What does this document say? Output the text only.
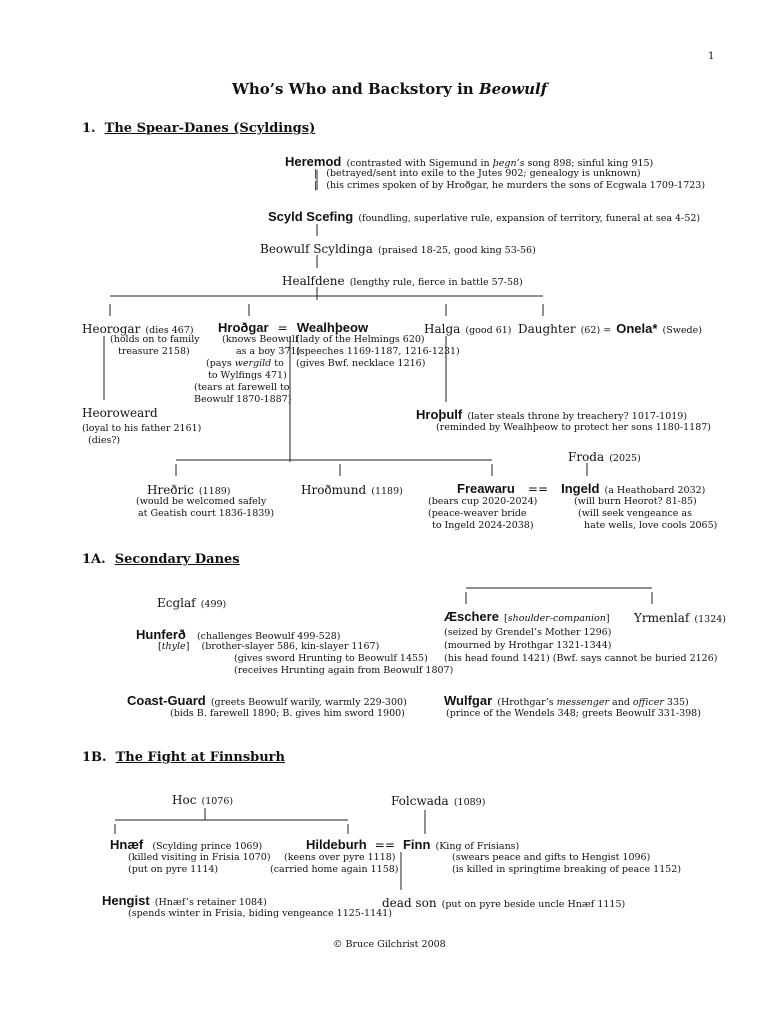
1
Who’s Who and Backstory in Beowulf
1. The Spear-Danes (Scyldings)
Heremod (contrasted with Sigemund in þegn’s song 898; sinful king 915)
|   (betrayed/sent into exile to the Jutes 902; genealogy is unknown)
|   (his crimes spoken of by Hroðgar, he murders the sons of Ecgwala 1709-1723)
Scyld Scefing (foundling, superlative rule, expansion of territory, funeral at sea 4-52)
Beowulf Scyldinga (praised 18-25, good king 53-56)
Healfdene (lengthy rule, fierce in battle 57-58)
Heorogar (dies 467)
(holds on to family
treasure 2158)
Hroðgar = Wealhþeow
(knows Beowulf
as a boy 371)
(pays wergild to
to Wylfings 471)
(tears at farewell to
Beowulf 1870-1887)
(lady of the Helmings 620)
(speeches 1169-1187, 1216-1231)
(gives Bwf. necklace 1216)
Halga (good 61) Daughter (62) = Onela* (Swede)
Heoroweard
(loyal to his father 2161)
(dies?)
Hroþulf (later steals throne by treachery? 1017-1019)
(reminded by Wealhþeow to protect her sons 1180-1187)
Froda (2025)
Hreðric (1189)
(would be welcomed safely
at Geatish court 1836-1839)
Hroðmund (1189)	Freawaru == Ingeld (a Heathobard 2032)
(bears cup 2020-2024)
(peace-weaver bride
to Ingeld 2024-2038)
(will burn Heorot? 81-85)
(will seek vengeance as
hate wells, love cools 2065)
1A. Secondary Danes
Ecglaf (499)
Hunferð (challenges Beowulf 499-528)
[thyle]    (brother-slayer 586, kin-slayer 1167)
(gives sword Hrunting to Beowulf 1455)
(receives Hrunting again from Beowulf 1807)
Coast-Guard (greets Beowulf warily, warmly 229-300)
(bids B. farewell 1890; B. gives him sword 1900)
Æschere [shoulder-companion] Yrmenlaf (1324)
(seized by Grendel’s Mother 1296)
(mourned by Hrothgar 1321-1344)
(his head found 1421) (Bwf. says cannot be buried 2126)
Wulfgar (Hrothgar’s messenger and officer 335)
(prince of the Wendels 348; greets Beowulf 331-398)
1B. The Fight at Finnsburh
Hoc (1076)	Folcwada (1089)
Hnæf (Scylding prince 1069)
(killed visiting in Frisia 1070)
(put on pyre 1114)
Hildeburh == Finn (King of Frisians)
(keens over pyre 1118)
(carried home again 1158)
(swears peace and gifts to Hengist 1096)
(is killed in springtime breaking of peace 1152)
Hengist (Hnæf’s retainer 1084)
(spends winter in Frisia, biding vengeance 1125-1141)
dead son (put on pyre beside uncle Hnæf 1115)
© Bruce Gilchrist 2008
